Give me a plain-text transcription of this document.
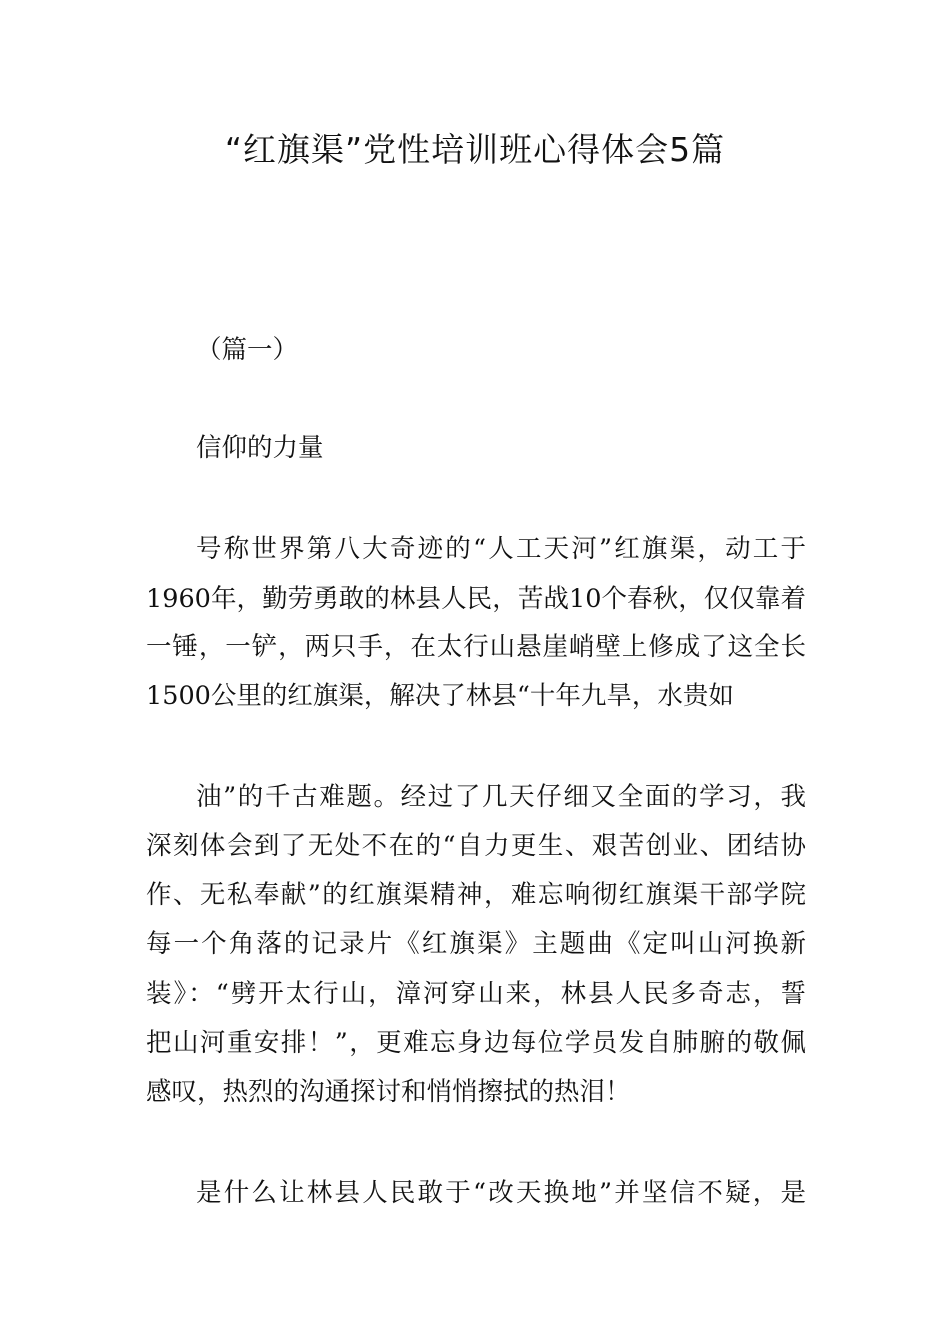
“红旗渠”党性培训班心得体会5篇
（篇一）
信仰的力量
号称世界第八大奇迹的“人工天河”红旗渠，动工于
1960年，勤劳勇敢的林县人民，苦战10个春秋，仅仅靠着
一锤，一铲，两只手，在太行山悬崖峭壁上修成了这全长
1500公里的红旗渠，解决了林县“十年九旱，水贵如
油”的千古难题。经过了几天仔细又全面的学习，我
深刻体会到了无处不在的“自力更生、艰苦创业、团结协
作、无私奉献”的红旗渠精神，难忘响彻红旗渠干部学院
每一个角落的记录片《红旗渠》主题曲《定叫山河换新
装》：“劈开太行山，漳河穿山来，林县人民多奇志，誓
把山河重安排！”，更难忘身边每位学员发自肺腑的敬佩
感叹，热烈的沟通探讨和悄悄擦拭的热泪！
是什么让林县人民敢于“改天换地”并坚信不疑，是
